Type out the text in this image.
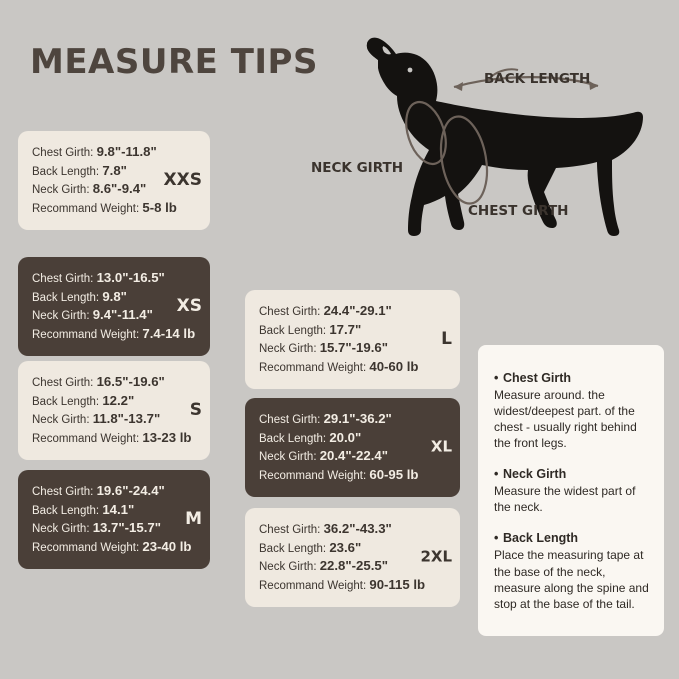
MEASURE TIPS	BACK LENGTH
NECK GIRTH
CHEST GIRTH
Chest Girth: 9.8"-11.8"
Back Length: 7.8"
Neck Girth: 8.6"-9.4"
Recommand Weight: 5-8 lb
XXS
Chest Girth: 13.0"-16.5"
Back Length: 9.8"
Neck Girth: 9.4"-11.4"
Recommand Weight: 7.4-14 lb
XS
Chest Girth: 16.5"-19.6"
Back Length: 12.2"
Neck Girth: 11.8"-13.7"
Recommand Weight: 13-23 lb
S
Chest Girth: 19.6"-24.4"
Back Length: 14.1"
Neck Girth: 13.7"-15.7"
Recommand Weight: 23-40 lb
M
Chest Girth: 24.4"-29.1"
Back Length: 17.7"
Neck Girth: 15.7"-19.6"
Recommand Weight: 40-60 lb
L
Chest Girth: 29.1"-36.2"
Back Length: 20.0"
Neck Girth: 20.4"-22.4"
Recommand Weight: 60-95 lb
XL
Chest Girth: 36.2"-43.3"
Back Length: 23.6"
Neck Girth: 22.8"-25.5"
Recommand Weight: 90-115 lb
2XL
• Chest Girth
Measure around. the widest/deepest part. of the chest - usually right behind the front legs.
• Neck Girth
Measure the widest part of the neck.
• Back Length
Place the measuring tape at the base of the neck, measure along the spine and stop at the base of the tail.
